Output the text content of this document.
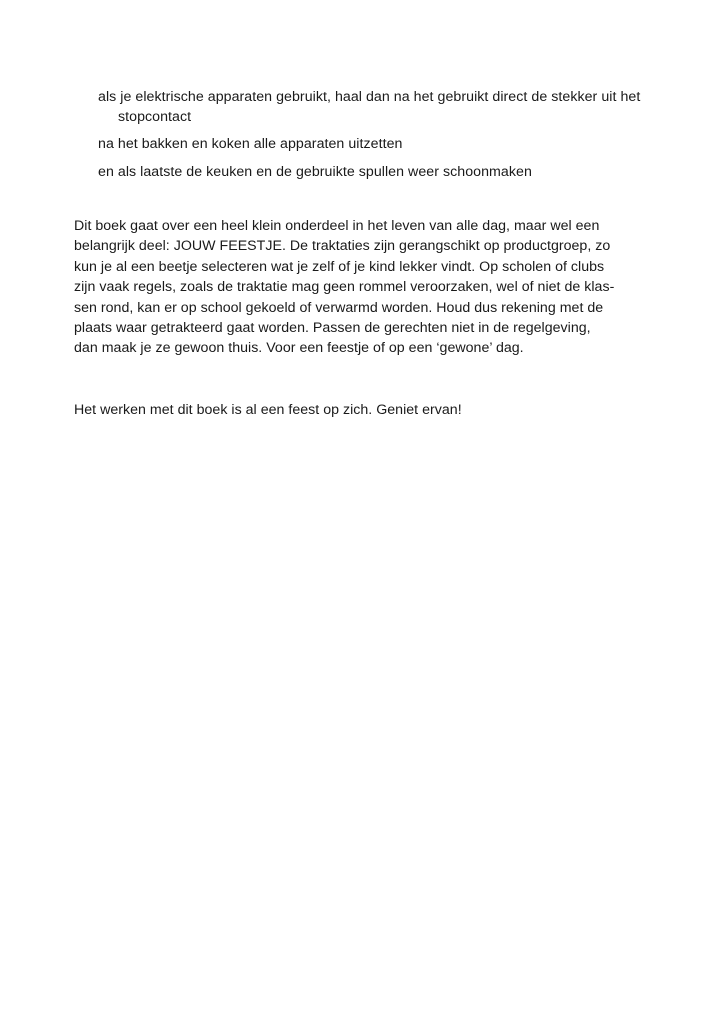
als je elektrische apparaten gebruikt, haal dan na het gebruikt direct de stekker uit het stopcontact
na het bakken en koken alle apparaten uitzetten
en als laatste de keuken en de gebruikte spullen weer schoonmaken

Dit boek gaat over een heel klein onderdeel in het leven van alle dag, maar wel een
belangrijk deel: JOUW FEESTJE. De traktaties zijn gerangschikt op productgroep, zo
kun je al een beetje selecteren wat je zelf of je kind lekker vindt. Op scholen of clubs
zijn vaak regels, zoals de traktatie mag geen rommel veroorzaken, wel of niet de klas-
sen rond, kan er op school gekoeld of verwarmd worden. Houd dus rekening met de
plaats waar getrakteerd gaat worden. Passen de gerechten niet in de regelgeving,
dan maak je ze gewoon thuis. Voor een feestje of op een ‘gewone’ dag.

Het werken met dit boek is al een feest op zich. Geniet ervan!
